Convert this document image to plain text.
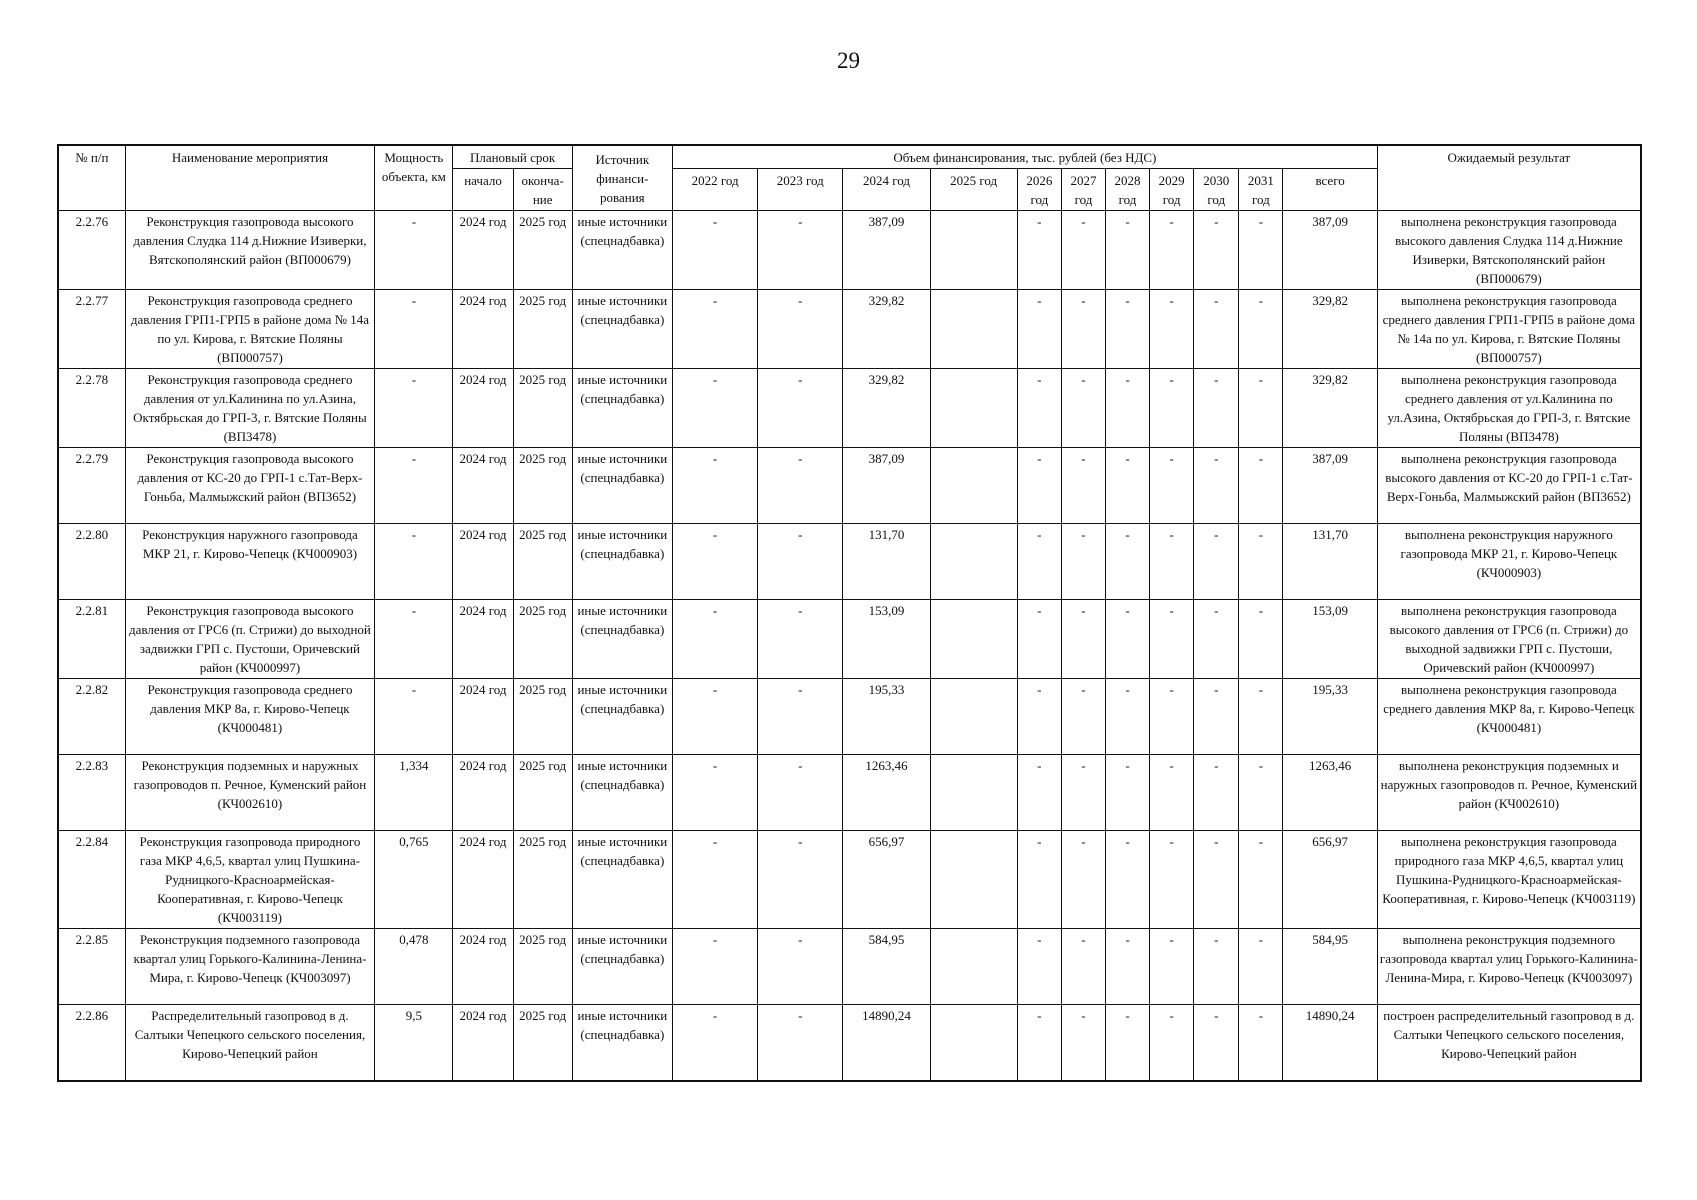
29
№ п/п	Наименование мероприятия	Мощность объекта, км	Плановый срок		Источник финанси-рования	Объем финансирования, тыс. рублей (без НДС)											Ожидаемый результат
			начало	оконча-ние		2022 год	2023 год	2024 год	2025 год	2026 год	2027 год	2028 год	2029 год	2030 год	2031 год	всего	
2.2.76	Реконструкция газопровода высокого давления Слудка 114 д.Нижние Изиверки, Вятскополянский район (ВП000679)	-	2024 год	2025 год	иные источники (спецнадбавка)	-	-	387,09		-	-	-	-	-	-	387,09	выполнена реконструкция газопровода высокого давления Слудка 114 д.Нижние Изиверки, Вятскополянский район (ВП000679)
2.2.77	Реконструкция газопровода среднего давления ГРП1-ГРП5 в районе дома № 14а по ул. Кирова, г. Вятские Поляны (ВП000757)	-	2024 год	2025 год	иные источники (спецнадбавка)	-	-	329,82		-	-	-	-	-	-	329,82	выполнена реконструкция газопровода среднего давления ГРП1-ГРП5 в районе дома № 14а по ул. Кирова, г. Вятские Поляны (ВП000757)
2.2.78	Реконструкция газопровода среднего давления от ул.Калинина по ул.Азина, Октябрьская до ГРП-3, г. Вятские Поляны (ВП3478)	-	2024 год	2025 год	иные источники (спецнадбавка)	-	-	329,82		-	-	-	-	-	-	329,82	выполнена реконструкция газопровода среднего давления от ул.Калинина по ул.Азина, Октябрьская до ГРП-3, г. Вятские Поляны (ВП3478)
2.2.79	Реконструкция газопровода высокого давления от КС-20 до ГРП-1 с.Тат-Верх-Гоньба, Малмыжский район (ВП3652)	-	2024 год	2025 год	иные источники (спецнадбавка)	-	-	387,09		-	-	-	-	-	-	387,09	выполнена реконструкция газопровода высокого давления от КС-20 до ГРП-1 с.Тат-Верх-Гоньба, Малмыжский район (ВП3652)
2.2.80	Реконструкция наружного газопровода МКР 21, г. Кирово-Чепецк (КЧ000903)	-	2024 год	2025 год	иные источники (спецнадбавка)	-	-	131,70		-	-	-	-	-	-	131,70	выполнена реконструкция наружного газопровода МКР 21, г. Кирово-Чепецк (КЧ000903)
2.2.81	Реконструкция газопровода высокого давления от ГРС6 (п. Стрижи) до выходной задвижки ГРП с. Пустоши, Оричевский район (КЧ000997)	-	2024 год	2025 год	иные источники (спецнадбавка)	-	-	153,09		-	-	-	-	-	-	153,09	выполнена реконструкция газопровода высокого давления от ГРС6 (п. Стрижи) до выходной задвижки ГРП с. Пустоши, Оричевский район (КЧ000997)
2.2.82	Реконструкция газопровода среднего давления МКР 8а, г. Кирово-Чепецк (КЧ000481)	-	2024 год	2025 год	иные источники (спецнадбавка)	-	-	195,33		-	-	-	-	-	-	195,33	выполнена реконструкция газопровода среднего давления МКР 8а, г. Кирово-Чепецк (КЧ000481)
2.2.83	Реконструкция подземных и наружных газопроводов п. Речное, Куменский район (КЧ002610)	1,334	2024 год	2025 год	иные источники (спецнадбавка)	-	-	1263,46		-	-	-	-	-	-	1263,46	выполнена реконструкция подземных и наружных газопроводов п. Речное, Куменский район (КЧ002610)
2.2.84	Реконструкция газопровода природного газа МКР 4,6,5, квартал улиц Пушкина-Рудницкого-Красноармейская-Кооперативная, г. Кирово-Чепецк (КЧ003119)	0,765	2024 год	2025 год	иные источники (спецнадбавка)	-	-	656,97		-	-	-	-	-	-	656,97	выполнена реконструкция газопровода природного газа МКР 4,6,5, квартал улиц Пушкина-Рудницкого-Красноармейская-Кооперативная, г. Кирово-Чепецк (КЧ003119)
2.2.85	Реконструкция подземного газопровода квартал улиц Горького-Калинина-Ленина-Мира, г. Кирово-Чепецк (КЧ003097)	0,478	2024 год	2025 год	иные источники (спецнадбавка)	-	-	584,95		-	-	-	-	-	-	584,95	выполнена реконструкция подземного газопровода квартал улиц Горького-Калинина-Ленина-Мира, г. Кирово-Чепецк (КЧ003097)
2.2.86	Распределительный газопровод в д. Салтыки Чепецкого сельского поселения, Кирово-Чепецкий район	9,5	2024 год	2025 год	иные источники (спецнадбавка)	-	-	14890,24		-	-	-	-	-	-	14890,24	построен распределительный газопровод в д. Салтыки Чепецкого сельского поселения, Кирово-Чепецкий район
